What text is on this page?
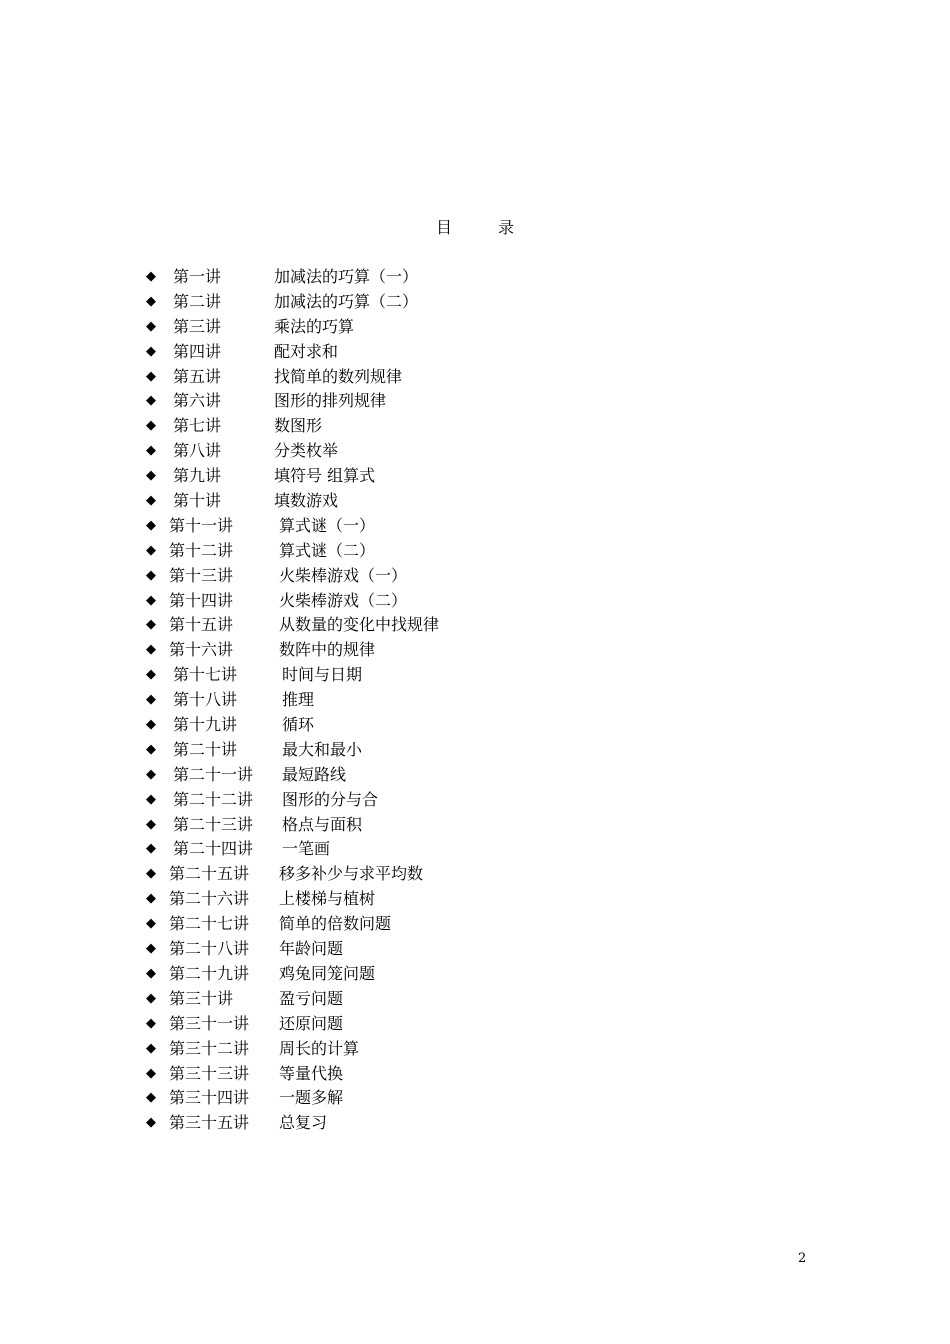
目	录
◆ 第一讲	加减法的巧算（一）
◆ 第二讲	加减法的巧算（二）
◆ 第三讲	乘法的巧算
◆ 第四讲	配对求和
◆ 第五讲	找简单的数列规律
◆ 第六讲	图形的排列规律
◆ 第七讲	数图形
◆ 第八讲	分类枚举
◆ 第九讲	填符号 组算式
◆ 第十讲	填数游戏
◆ 第十一讲	算式谜（一）
◆ 第十二讲	算式谜（二）
◆ 第十三讲	火柴棒游戏（一）
◆ 第十四讲	火柴棒游戏（二）
◆ 第十五讲	从数量的变化中找规律
◆ 第十六讲	数阵中的规律
◆ 第十七讲	时间与日期
◆ 第十八讲	推理
◆ 第十九讲	循环
◆ 第二十讲	最大和最小
◆ 第二十一讲 最短路线
◆ 第二十二讲 图形的分与合
◆ 第二十三讲 格点与面积
◆ 第二十四讲 一笔画
◆ 第二十五讲 移多补少与求平均数
◆ 第二十六讲 上楼梯与植树
◆ 第二十七讲 简单的倍数问题
◆ 第二十八讲 年龄问题
◆ 第二十九讲 鸡兔同笼问题
◆ 第三十讲	盈亏问题
◆ 第三十一讲 还原问题
◆ 第三十二讲 周长的计算
◆ 第三十三讲 等量代换
◆ 第三十四讲 一题多解
◆ 第三十五讲 总复习
2
